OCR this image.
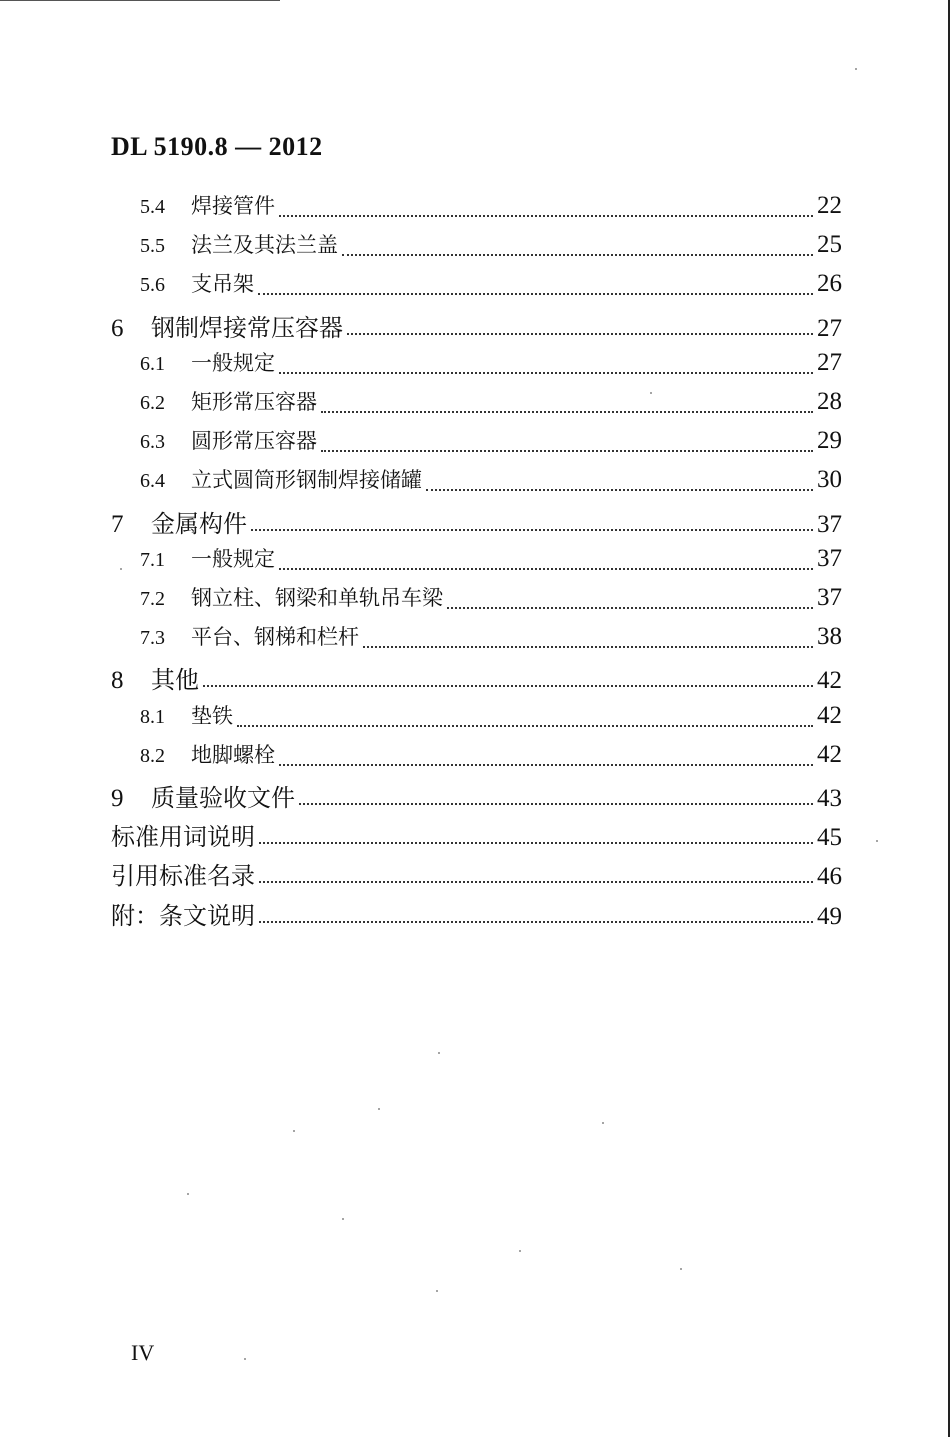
DL 5190.8 — 2012
5.4	焊接管件	22
5.5	法兰及其法兰盖	25
5.6	支吊架	26
6	钢制焊接常压容器	27
6.1	一般规定	27
6.2	矩形常压容器	28
6.3	圆形常压容器	29
6.4	立式圆筒形钢制焊接储罐	30
7	金属构件	37
7.1	一般规定	37
7.2	钢立柱、钢梁和单轨吊车梁	37
7.3	平台、钢梯和栏杆	38
8	其他	42
8.1	垫铁	42
8.2	地脚螺栓	42
9	质量验收文件	43
标准用词说明	45
引用标准名录	46
附：条文说明	49
IV
